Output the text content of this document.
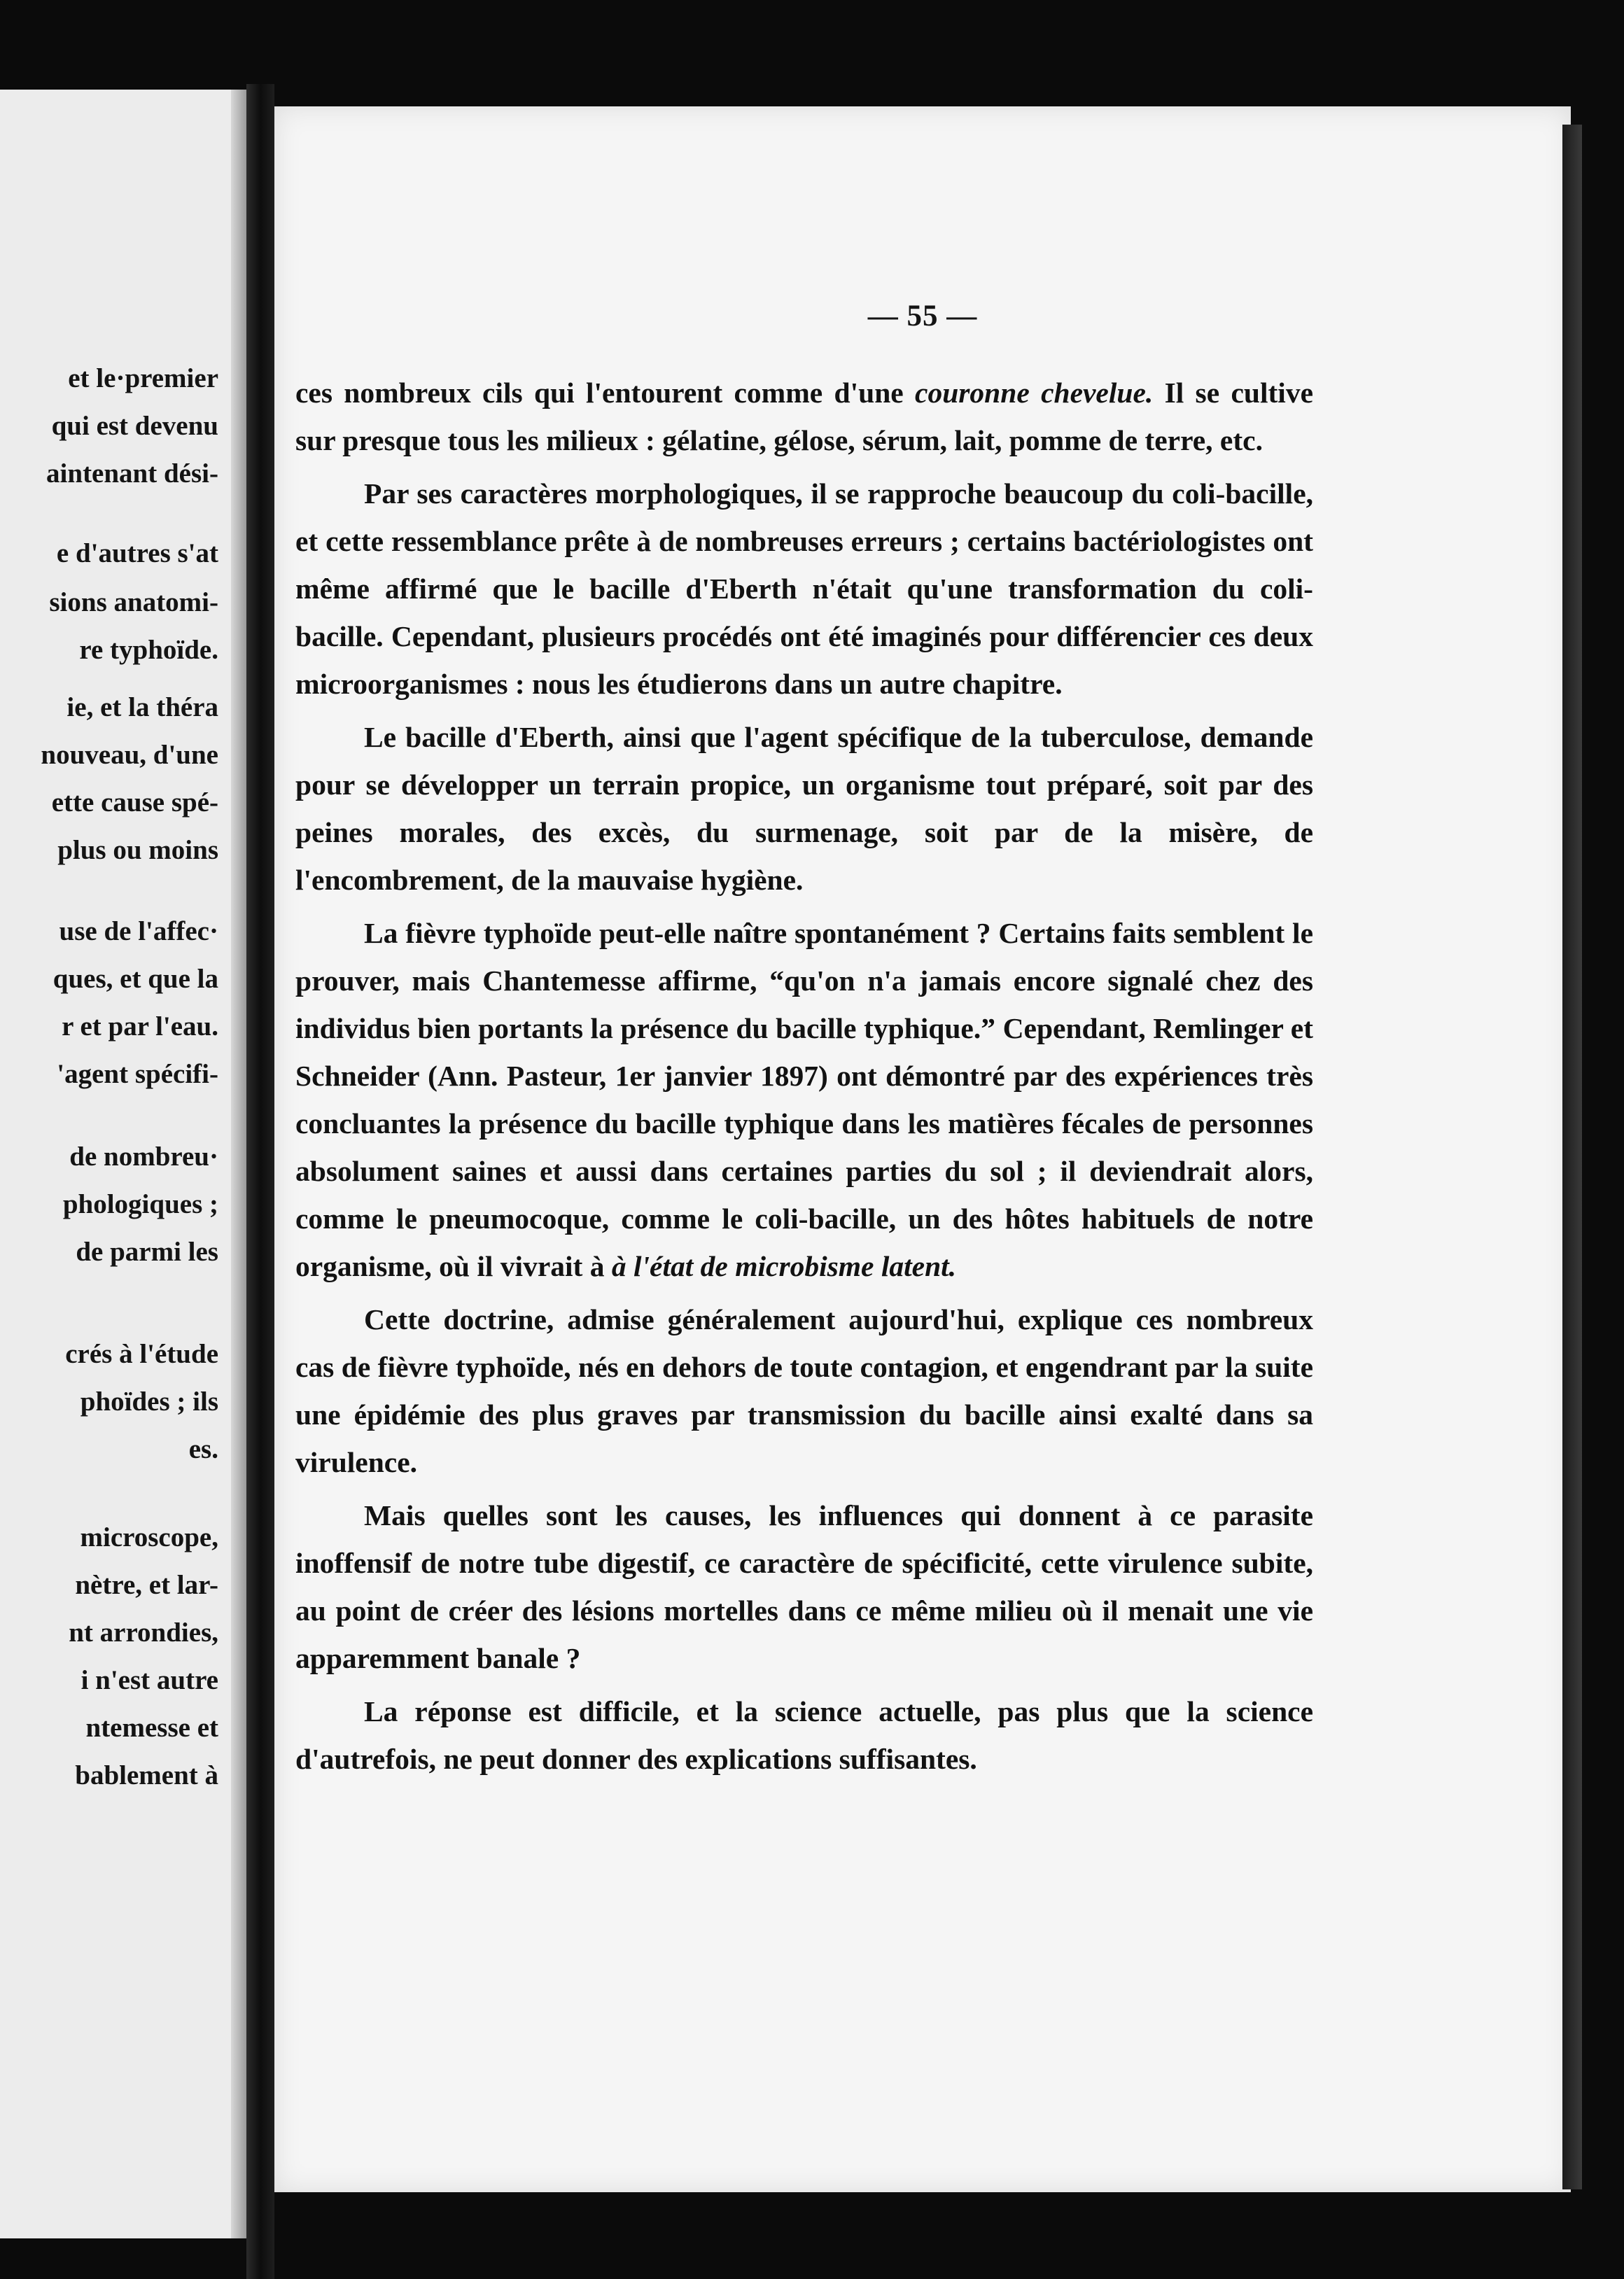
et le·premier
qui est devenu
aintenant dési-
e d'autres s'at
sions anatomi-
re typhoïde.
ie, et la théra
nouveau, d'une
ette cause spé-
plus ou moins
use de l'affec·
ques, et que la
r et par l'eau.
'agent spécifi-
de nombreu·
phologiques ;
de parmi les
crés à l'étude
phoïdes ; ils
es.
microscope,
nètre, et lar-
nt arrondies,
i n'est autre
ntemesse et
bablement à
— 55 —

ces nombreux cils qui l'entourent comme d'une couronne chevelue. Il se cultive sur presque tous les milieux : gélatine, gélose, sérum, lait, pomme de terre, etc.

Par ses caractères morphologiques, il se rapproche beaucoup du coli-bacille, et cette ressemblance prête à de nombreuses erreurs ; certains bactériologistes ont même affirmé que le bacille d'Eberth n'était qu'une transformation du coli-bacille. Cependant, plusieurs procédés ont été imaginés pour différencier ces deux microorganismes : nous les étudierons dans un autre chapitre.

Le bacille d'Eberth, ainsi que l'agent spécifique de la tuberculose, demande pour se développer un terrain propice, un organisme tout préparé, soit par des peines morales, des excès, du surmenage, soit par de la misère, de l'encombrement, de la mauvaise hygiène.

La fièvre typhoïde peut-elle naître spontanément ? Certains faits semblent le prouver, mais Chantemesse affirme, “qu'on n'a jamais encore signalé chez des individus bien portants la présence du bacille typhique.” Cependant, Remlinger et Schneider (Ann. Pasteur, 1er janvier 1897) ont démontré par des expériences très concluantes la présence du bacille typhique dans les matières fécales de personnes absolument saines et aussi dans certaines parties du sol ; il deviendrait alors, comme le pneumocoque, comme le coli-bacille, un des hôtes habituels de notre organisme, où il vivrait à à l'état de microbisme latent.

Cette doctrine, admise généralement aujourd'hui, explique ces nombreux cas de fièvre typhoïde, nés en dehors de toute contagion, et engendrant par la suite une épidémie des plus graves par transmission du bacille ainsi exalté dans sa virulence.

Mais quelles sont les causes, les influences qui donnent à ce parasite inoffensif de notre tube digestif, ce caractère de spécificité, cette virulence subite, au point de créer des lésions mortelles dans ce même milieu où il menait une vie apparemment banale ?

La réponse est difficile, et la science actuelle, pas plus que la science d'autrefois, ne peut donner des explications suffisantes.
